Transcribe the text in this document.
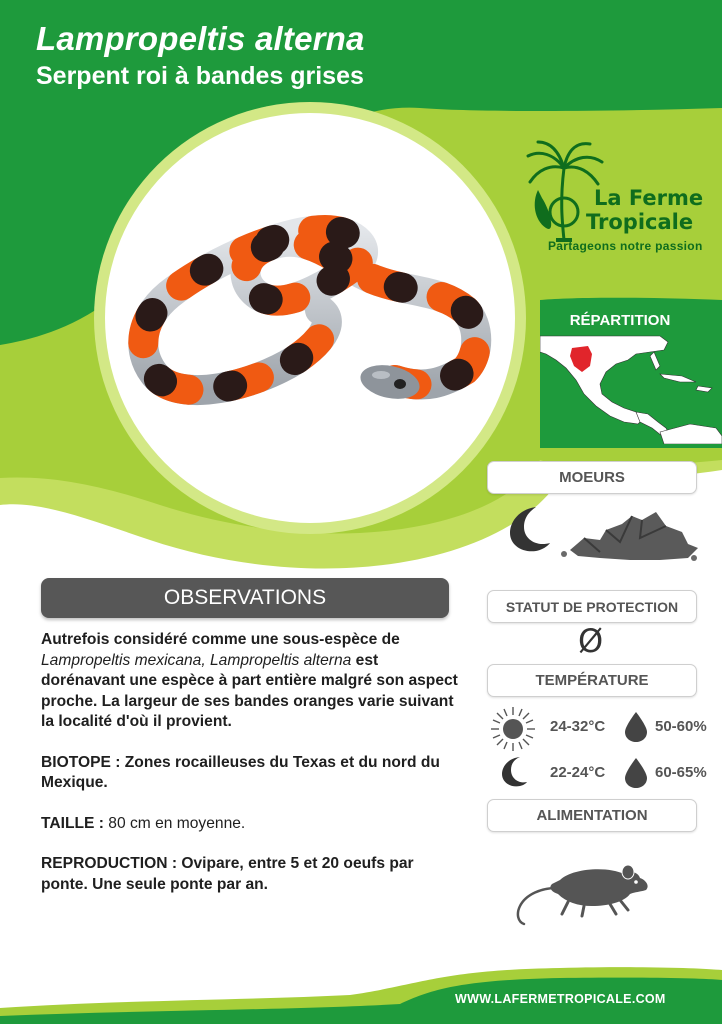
Lampropeltis alterna
Serpent roi à bandes grises
La Ferme
Tropicale
Partageons notre passion
RÉPARTITION
MOEURS
STATUT DE PROTECTION
Ø
TEMPÉRATURE
24-32°C	50-60%
22-24°C	60-65%
ALIMENTATION
OBSERVATIONS

Autrefois considéré comme une sous-espèce de
Lampropeltis mexicana, Lampropeltis alterna est dorénavant une espèce à part entière malgré son aspect proche. La largeur de ses bandes oranges varie suivant la localité d'où il provient.

BIOTOPE : Zones rocailleuses du Texas et du nord du Mexique.

TAILLE : 80 cm en moyenne.

REPRODUCTION : Ovipare, entre 5 et 20 oeufs par ponte. Une seule ponte par an.

WWW.LAFERMETROPICALE.COM
